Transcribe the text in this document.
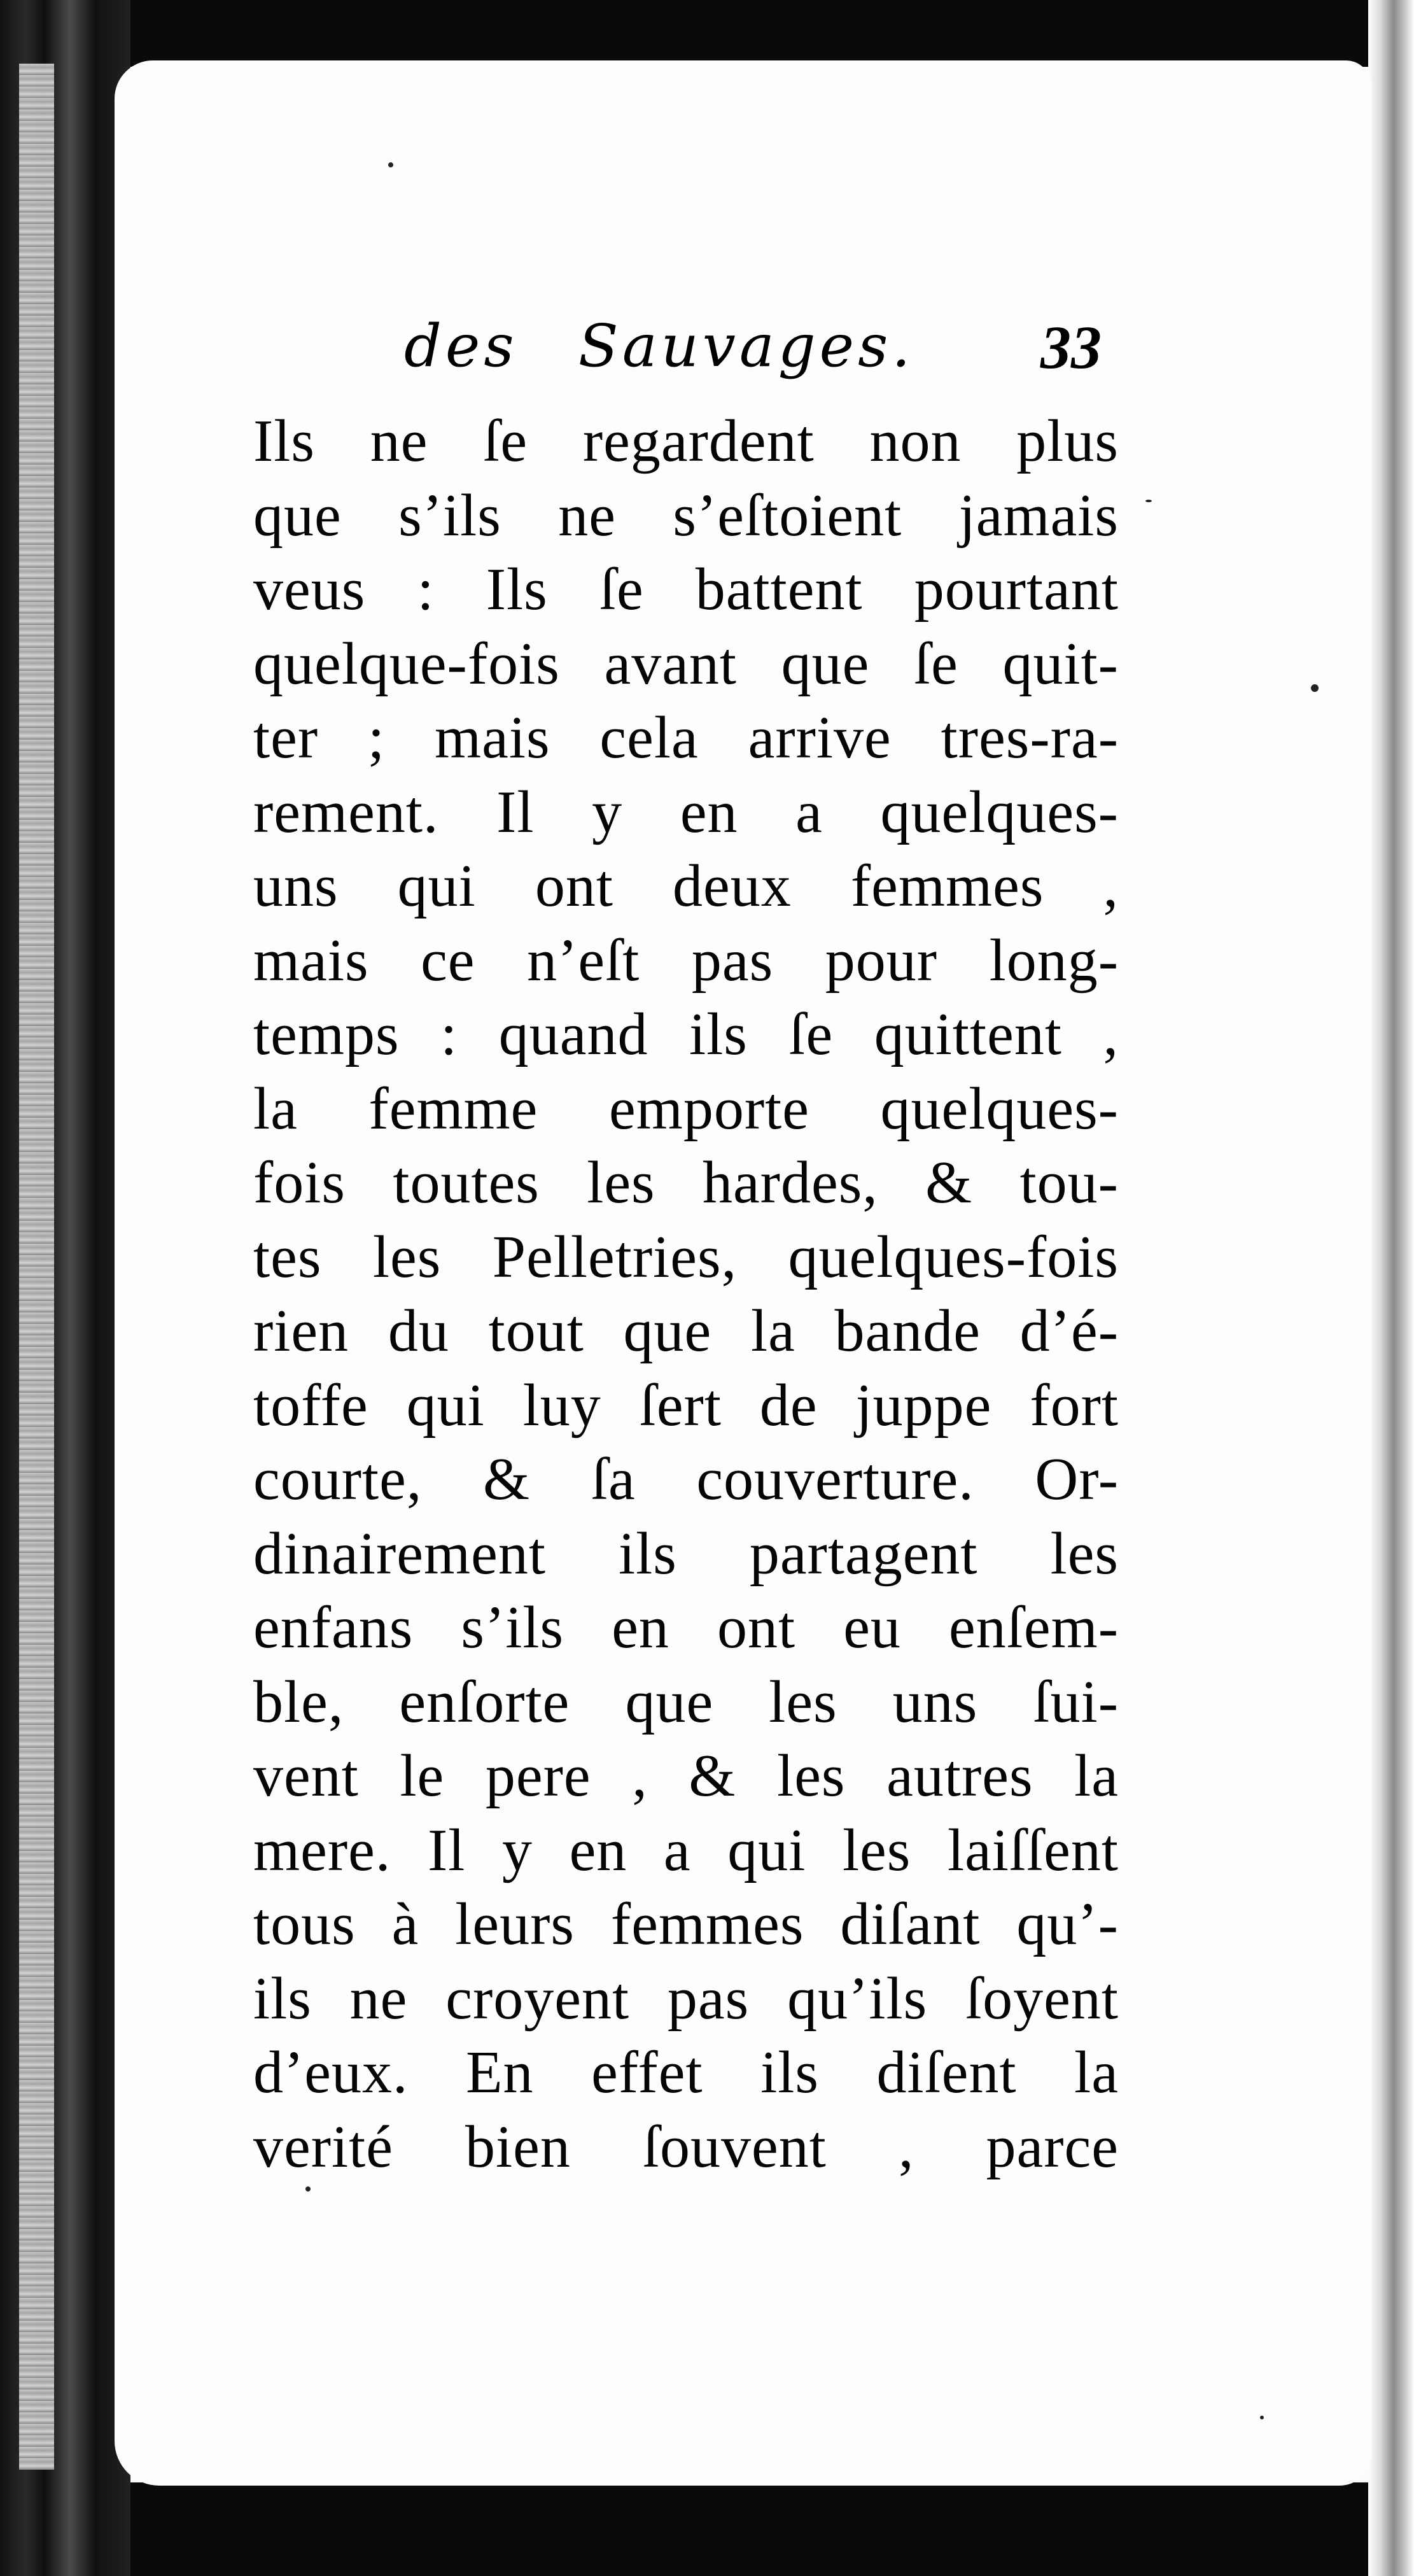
des Sauvages. 33
Ils ne ſe regardent non plus
que s’ils ne s’eſtoient jamais
veus : Ils ſe battent pourtant
quelque-fois avant que ſe quit-
ter ; mais cela arrive tres-ra-
rement. Il y en a quelques-
uns qui ont deux femmes ,
mais ce n’eſt pas pour long-
temps : quand ils ſe quittent ,
la femme emporte quelques-
fois toutes les hardes, & tou-
tes les Pelletries, quelques-fois
rien du tout que la bande d’é-
toffe qui luy ſert de juppe fort
courte, & ſa couverture. Or-
dinairement ils partagent les
enfans s’ils en ont eu enſem-
ble, enſorte que les uns ſui-
vent le pere , & les autres la
mere. Il y en a qui les laiſſent
tous à leurs femmes diſant qu’-
ils ne croyent pas qu’ils ſoyent
d’eux. En effet ils diſent la
verité bien ſouvent , parce
